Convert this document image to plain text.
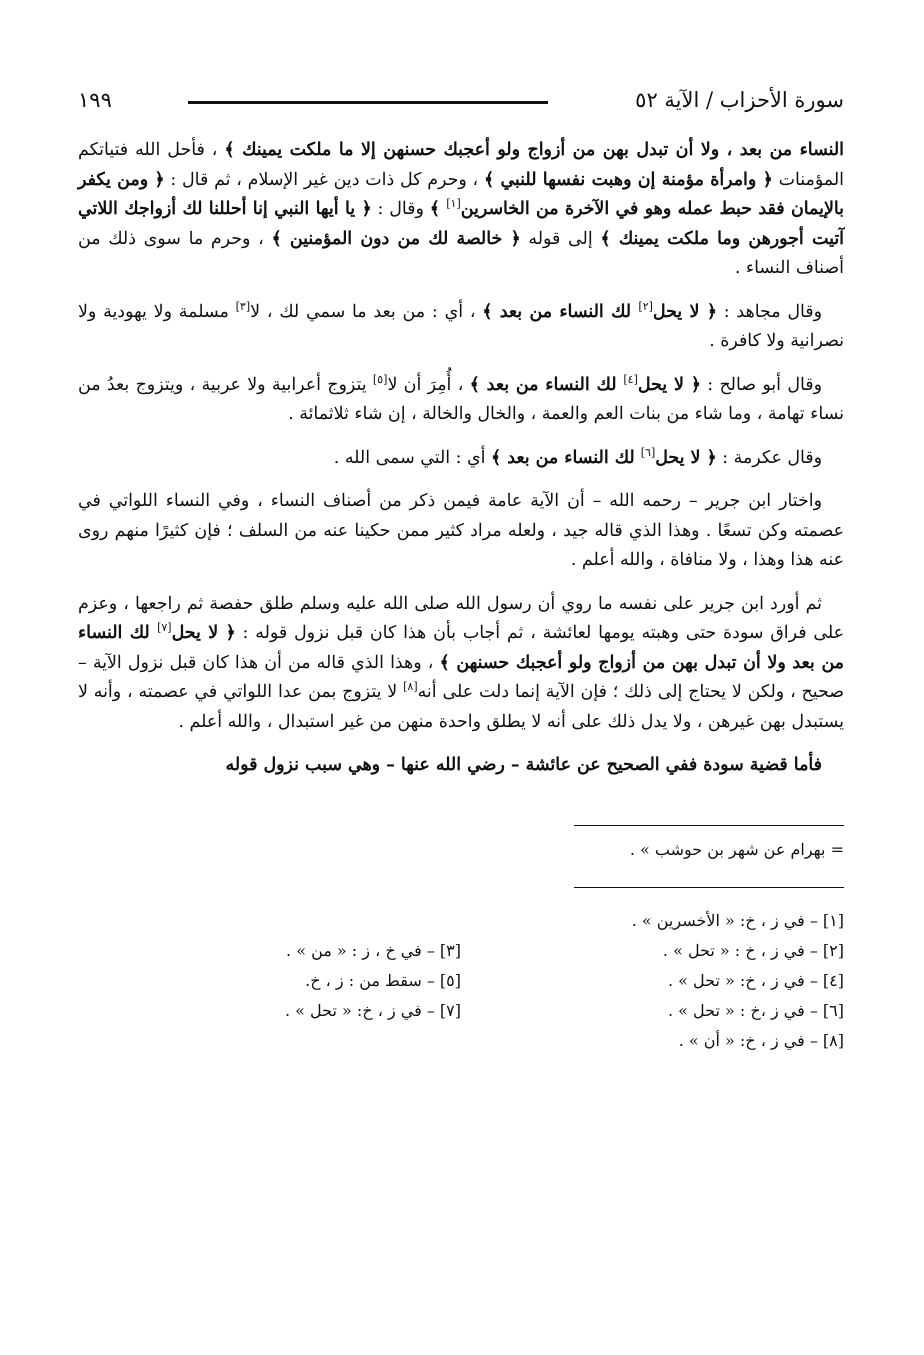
سورة الأحزاب / الآية ٥٢
١٩٩

النساء من بعد ، ولا أن تبدل بهن من أزواج ولو أعجبك حسنهن إلا ما ملكت يمينك ﴾ ، فأحل الله فتياتكم المؤمنات ﴿ وامرأة مؤمنة إن وهبت نفسها للنبي ﴾ ، وحرم كل ذات دين غير الإسلام ، ثم قال : ﴿ ومن يكفر بالإيمان فقد حبط عمله وهو في الآخرة من الخاسرين[١] ﴾ وقال : ﴿ يا أيها النبي إنا أحللنا لك أزواجك اللاتي آتيت أجورهن وما ملكت يمينك ﴾ إلى قوله ﴿ خالصة لك من دون المؤمنين ﴾ ، وحرم ما سوى ذلك من أصناف النساء .

وقال مجاهد : ﴿ لا يحل[٢] لك النساء من بعد ﴾ ، أي : من بعد ما سمي لك ، لا[٣] مسلمة ولا يهودية ولا نصرانية ولا كافرة .

وقال أبو صالح : ﴿ لا يحل[٤] لك النساء من بعد ﴾ ، أُمِرَ أن لا[٥] يتزوج أعرابية ولا عربية ، ويتزوج بعدُ من نساء تهامة ، وما شاء من بنات العم والعمة ، والخال والخالة ، إن شاء ثلاثمائة .

وقال عكرمة : ﴿ لا يحل[٦] لك النساء من بعد ﴾ أي : التي سمى الله .

واختار ابن جرير – رحمه الله – أن الآية عامة فيمن ذكر من أصناف النساء ، وفي النساء اللواتي في عصمته وكن تسعًا . وهذا الذي قاله جيد ، ولعله مراد كثير ممن حكينا عنه من السلف ؛ فإن كثيرًا منهم روى عنه هذا وهذا ، ولا منافاة ، والله أعلم .

ثم أورد ابن جرير على نفسه ما روي أن رسول الله صلى الله عليه وسلم طلق حفصة ثم راجعها ، وعزم على فراق سودة حتى وهبته يومها لعائشة ، ثم أجاب بأن هذا كان قبل نزول قوله : ﴿ لا يحل[٧] لك النساء من بعد ولا أن تبدل بهن من أزواج ولو أعجبك حسنهن ﴾ ، وهذا الذي قاله من أن هذا كان قبل نزول الآية – صحيح ، ولكن لا يحتاج إلى ذلك ؛ فإن الآية إنما دلت على أنه[٨] لا يتزوج بمن عدا اللواتي في عصمته ، وأنه لا يستبدل بهن غيرهن ، ولا يدل ذلك على أنه لا يطلق واحدة منهن من غير استبدال ، والله أعلم .

فأما قضية سودة ففي الصحيح عن عائشة – رضي الله عنها – وهي سبب نزول قوله

= بهرام عن شهر بن حوشب » .
[١] – في ز ، خ: « الأخسرين » .
[٢] – في ز ، خ : « تحل » .
[٤] – في ز ، خ: « تحل » .
[٦] – في ز ،خ : « تحل » .
[٨] – في ز ، خ: « أن » .
[٣] – في خ ، ز : « من » .
[٥] – سقط من : ز ، خ.
[٧] – في ز ، خ: « تحل » .
